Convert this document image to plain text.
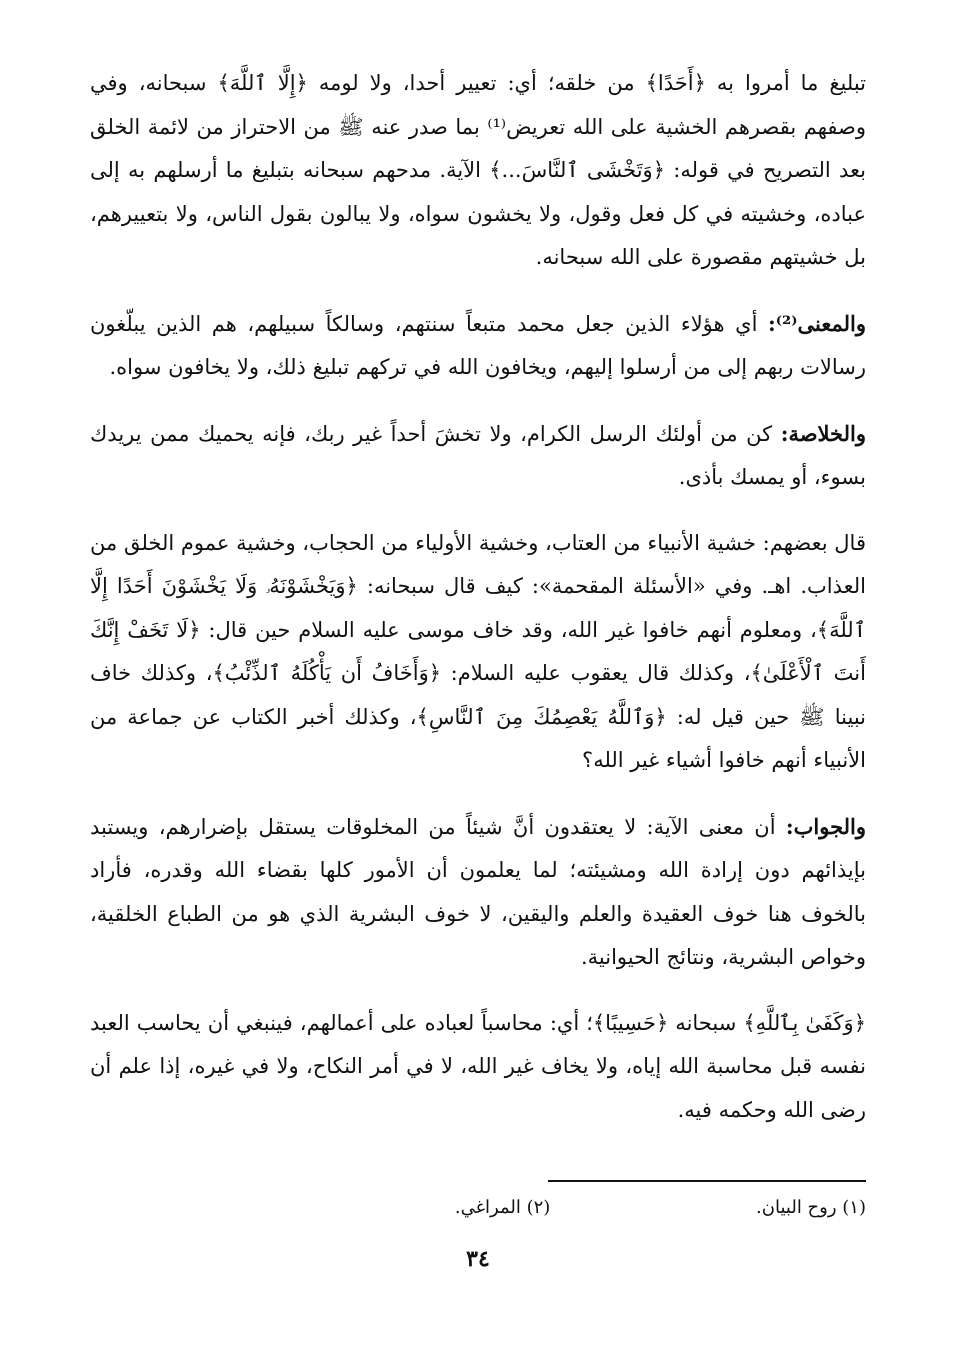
تبليغ ما أمروا به ﴿أَحَدًا﴾ من خلقه؛ أي: تعيير أحدا، ولا لومه ﴿إِلَّا ٱللَّهَ﴾ سبحانه، وفي وصفهم بقصرهم الخشية على الله تعريض⁽¹⁾ بما صدر عنه ﷺ من الاحتراز من لائمة الخلق بعد التصريح في قوله: ﴿وَتَخْشَى ٱلنَّاسَ...﴾ الآية. مدحهم سبحانه بتبليغ ما أرسلهم به إلى عباده، وخشيته في كل فعل وقول، ولا يخشون سواه، ولا يبالون بقول الناس، ولا بتعييرهم، بل خشيتهم مقصورة على الله سبحانه.

والمعنى⁽²⁾: أي هؤلاء الذين جعل محمد متبعاً سنتهم، وسالكاً سبيلهم، هم الذين يبلّغون رسالات ربهم إلى من أرسلوا إليهم، ويخافون الله في تركهم تبليغ ذلك، ولا يخافون سواه.

والخلاصة: كن من أولئك الرسل الكرام، ولا تخشَ أحداً غير ربك، فإنه يحميك ممن يريدك بسوء، أو يمسك بأذى.

قال بعضهم: خشية الأنبياء من العتاب، وخشية الأولياء من الحجاب، وخشية عموم الخلق من العذاب. اهـ. وفي «الأسئلة المقحمة»: كيف قال سبحانه: ﴿وَيَخْشَوْنَهُۥ وَلَا يَخْشَوْنَ أَحَدًا إِلَّا ٱللَّهَ﴾، ومعلوم أنهم خافوا غير الله، وقد خاف موسى عليه السلام حين قال: ﴿لَا تَخَفْ إِنَّكَ أَنتَ ٱلْأَعْلَىٰ﴾، وكذلك قال يعقوب عليه السلام: ﴿وَأَخَافُ أَن يَأْكُلَهُ ٱلذِّئْبُ﴾، وكذلك خاف نبينا ﷺ حين قيل له: ﴿وَٱللَّهُ يَعْصِمُكَ مِنَ ٱلنَّاسِ﴾، وكذلك أخبر الكتاب عن جماعة من الأنبياء أنهم خافوا أشياء غير الله؟

والجواب: أن معنى الآية: لا يعتقدون أنَّ شيئاً من المخلوقات يستقل بإضرارهم، ويستبد بإيذائهم دون إرادة الله ومشيئته؛ لما يعلمون أن الأمور كلها بقضاء الله وقدره، فأراد بالخوف هنا خوف العقيدة والعلم واليقين، لا خوف البشرية الذي هو من الطباع الخلقية، وخواص البشرية، ونتائج الحيوانية.

﴿وَكَفَىٰ بِٱللَّهِ﴾ سبحانه ﴿حَسِيبًا﴾؛ أي: محاسباً لعباده على أعمالهم، فينبغي أن يحاسب العبد نفسه قبل محاسبة الله إياه، ولا يخاف غير الله، لا في أمر النكاح، ولا في غيره، إذا علم أن رضى الله وحكمه فيه.

(١) روح البيان. (٢) المراغي.
٣٤
